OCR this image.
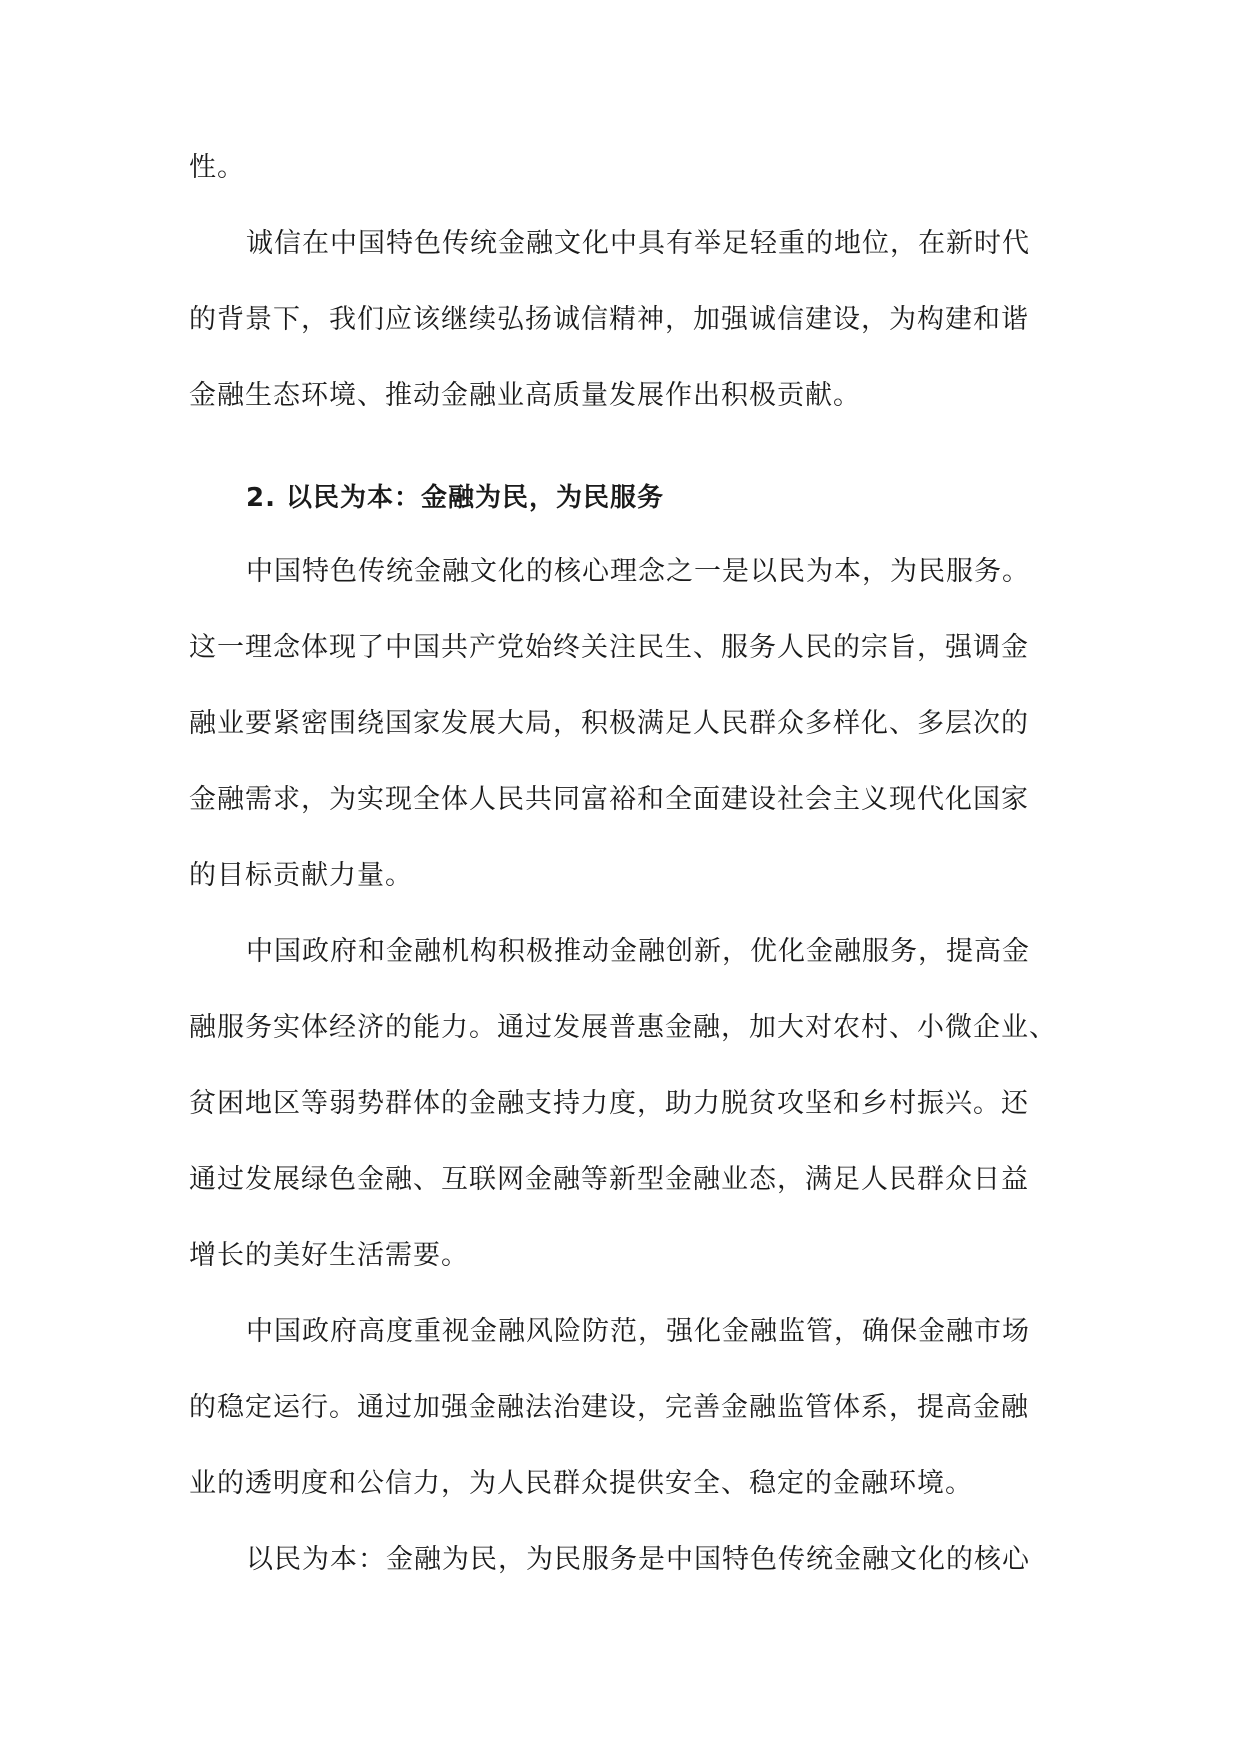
性。
诚信在中国特色传统金融文化中具有举足轻重的地位，在新时代
的背景下，我们应该继续弘扬诚信精神，加强诚信建设，为构建和谐
金融生态环境、推动金融业高质量发展作出积极贡献。
2. 以民为本：金融为民，为民服务
中国特色传统金融文化的核心理念之一是以民为本，为民服务。
这一理念体现了中国共产党始终关注民生、服务人民的宗旨，强调金
融业要紧密围绕国家发展大局，积极满足人民群众多样化、多层次的
金融需求，为实现全体人民共同富裕和全面建设社会主义现代化国家
的目标贡献力量。
中国政府和金融机构积极推动金融创新，优化金融服务，提高金
融服务实体经济的能力。通过发展普惠金融，加大对农村、小微企业、
贫困地区等弱势群体的金融支持力度，助力脱贫攻坚和乡村振兴。还
通过发展绿色金融、互联网金融等新型金融业态，满足人民群众日益
增长的美好生活需要。
中国政府高度重视金融风险防范，强化金融监管，确保金融市场
的稳定运行。通过加强金融法治建设，完善金融监管体系，提高金融
业的透明度和公信力，为人民群众提供安全、稳定的金融环境。
以民为本：金融为民，为民服务是中国特色传统金融文化的核心
